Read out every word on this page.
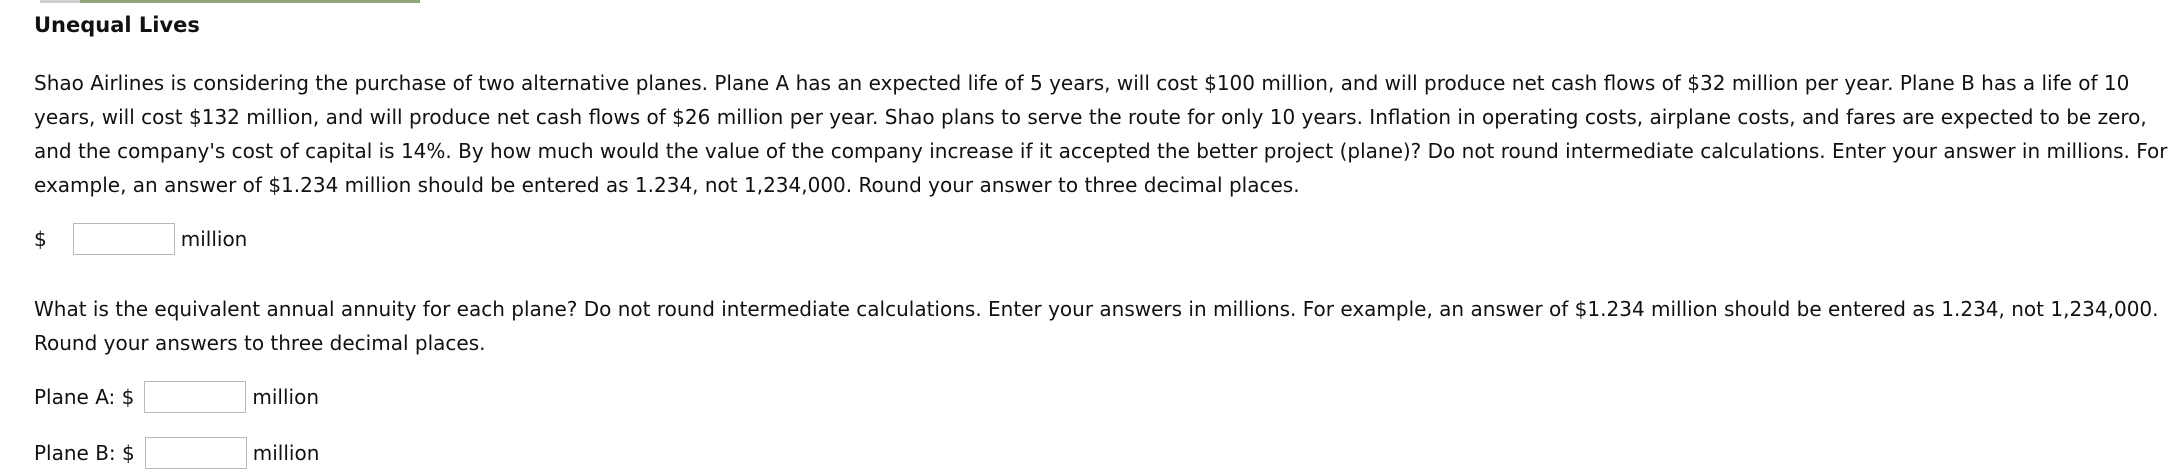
Unequal Lives

Shao Airlines is considering the purchase of two alternative planes. Plane A has an expected life of 5 years, will cost $100 million, and will produce net cash flows of $32 million per year. Plane B has a life of 10 years, will cost $132 million, and will produce net cash flows of $26 million per year. Shao plans to serve the route for only 10 years. Inflation in operating costs, airplane costs, and fares are expected to be zero, and the company's cost of capital is 14%. By how much would the value of the company increase if it accepted the better project (plane)? Do not round intermediate calculations. Enter your answer in millions. For example, an answer of $1.234 million should be entered as 1.234, not 1,234,000. Round your answer to three decimal places.

$	million

What is the equivalent annual annuity for each plane? Do not round intermediate calculations. Enter your answers in millions. For example, an answer of $1.234 million should be entered as 1.234, not 1,234,000. Round your answers to three decimal places.

Plane A: $	million
Plane B: $	million
